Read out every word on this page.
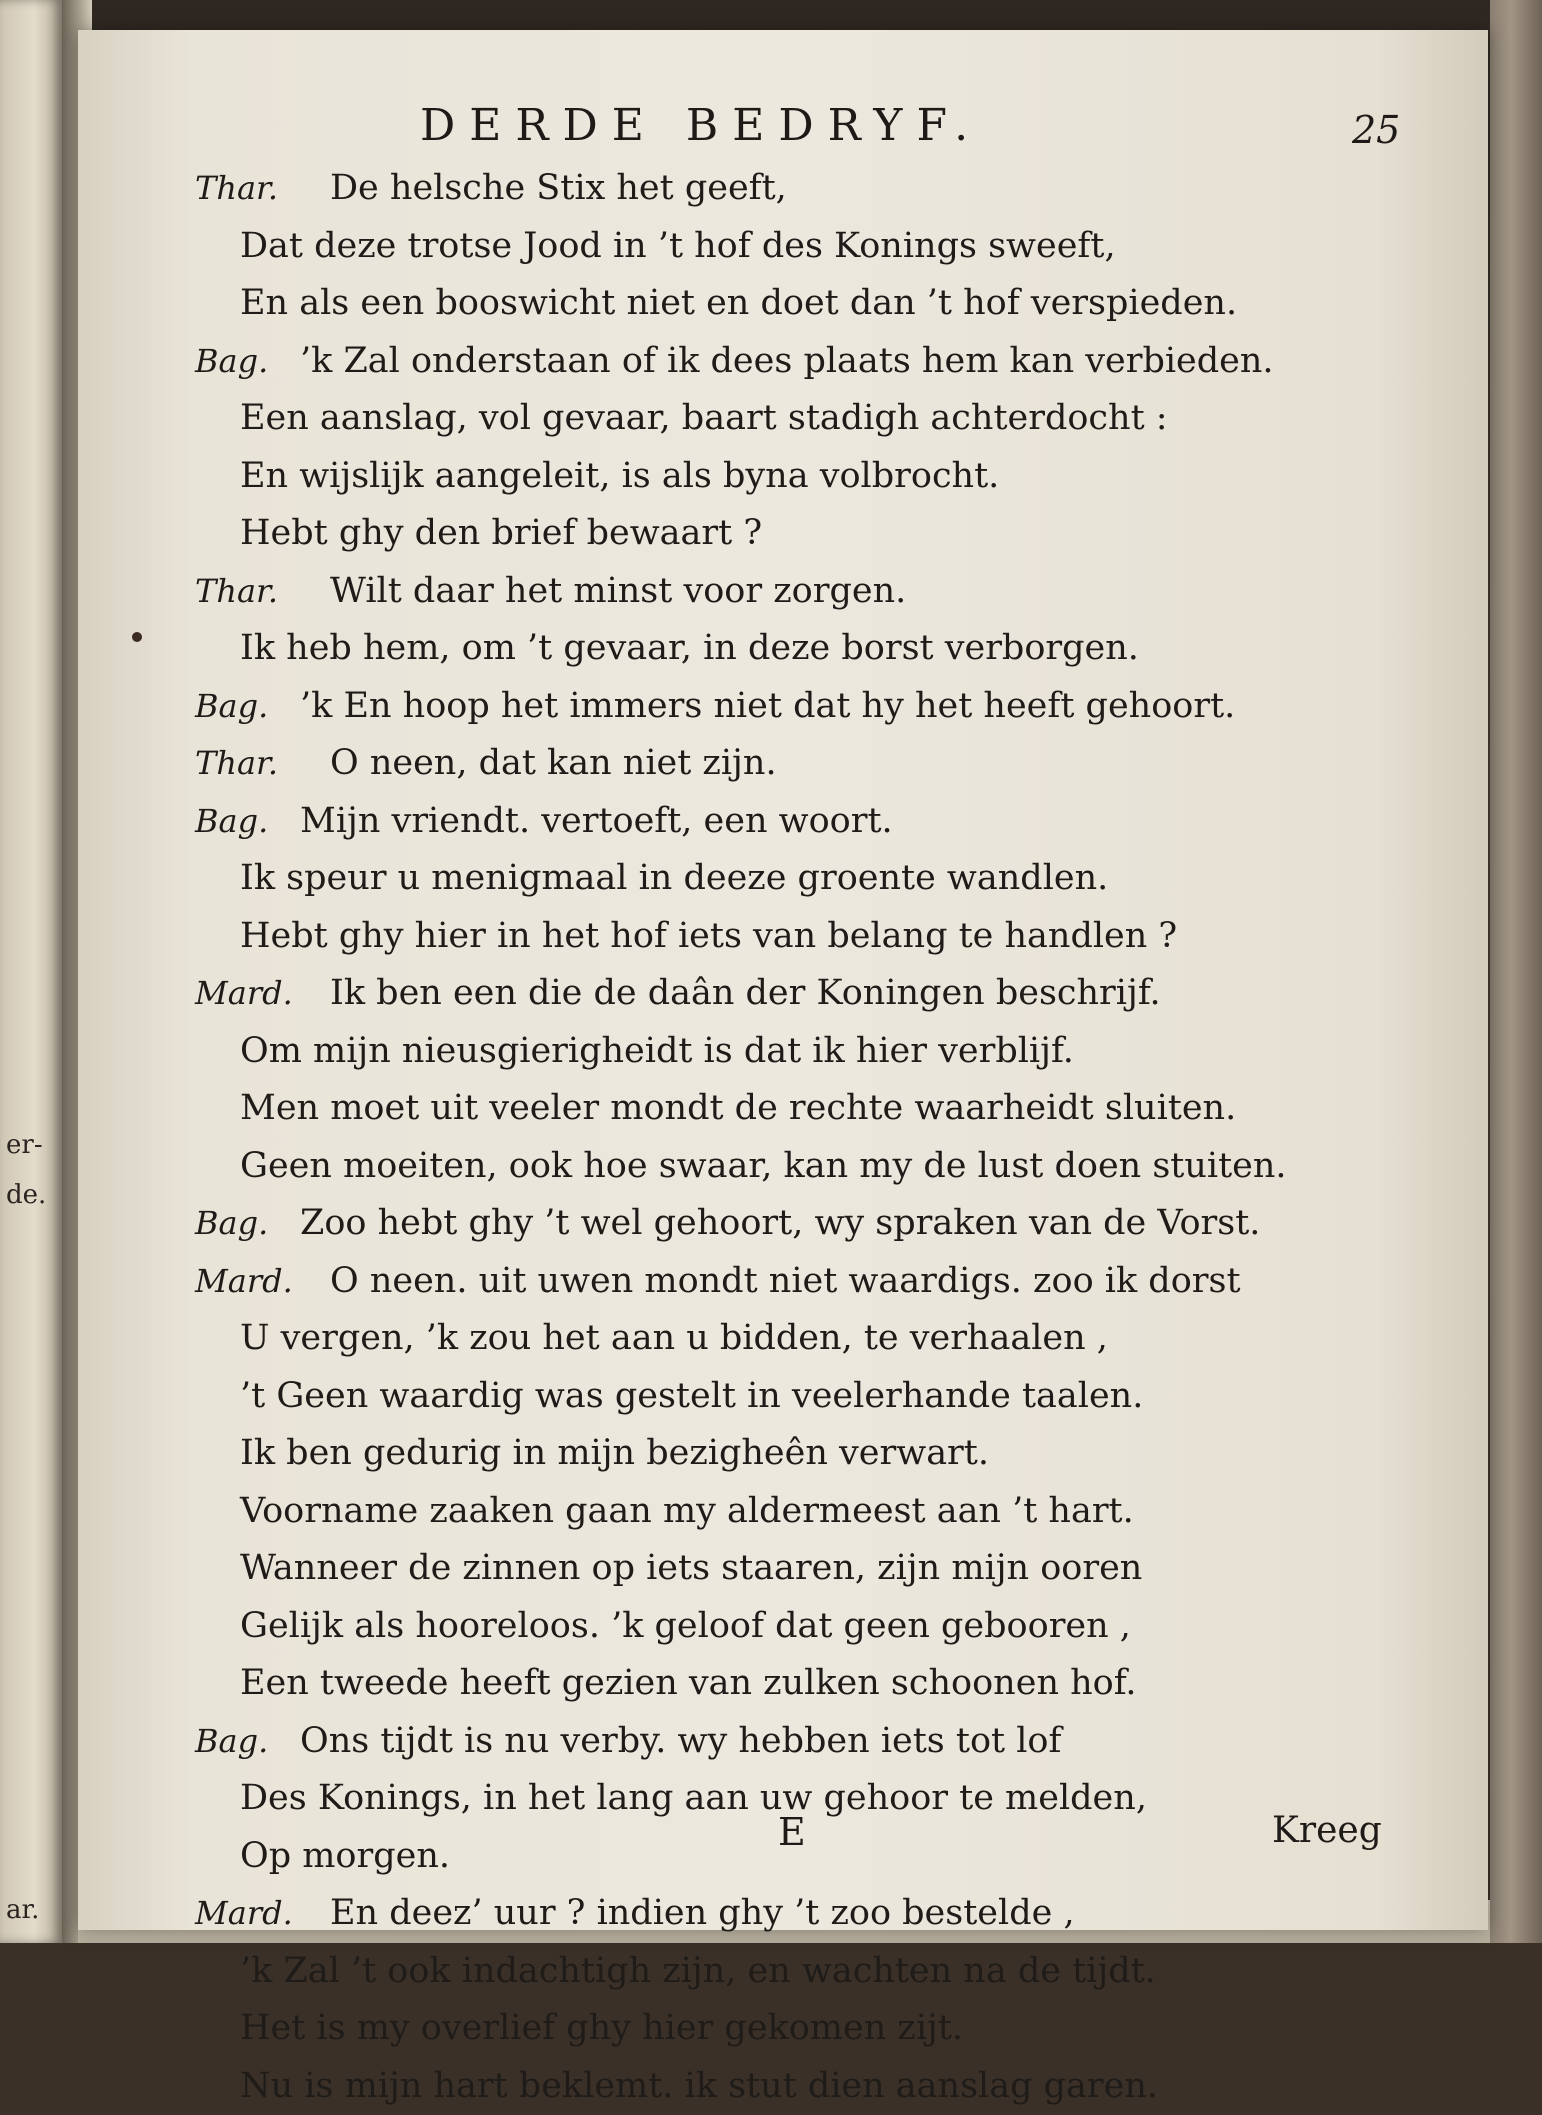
er-
de.
ar.
DERDE BEDRYF.	25
Thar. De helsche Stix het geeft,
Dat deze trotse Jood in ’t hof des Konings sweeft,
En als een booswicht niet en doet dan ’t hof verspieden.
Bag. ’k Zal onderstaan of ik dees plaats hem kan verbieden.
Een aanslag, vol gevaar, baart stadigh achterdocht :
En wijslijk aangeleit, is als byna volbrocht.
Hebt ghy den brief bewaart ?
Thar. Wilt daar het minst voor zorgen.
Ik heb hem, om ’t gevaar, in deze borst verborgen.
Bag. ’k En hoop het immers niet dat hy het heeft gehoort.
Thar. O neen, dat kan niet zijn.
Bag. Mijn vriendt. vertoeft, een woort.
Ik speur u menigmaal in deeze groente wandlen.
Hebt ghy hier in het hof iets van belang te handlen ?
Mard. Ik ben een die de daân der Koningen beschrijf.
Om mijn nieusgierigheidt is dat ik hier verblijf.
Men moet uit veeler mondt de rechte waarheidt sluiten.
Geen moeiten, ook hoe swaar, kan my de lust doen stuiten.
Bag. Zoo hebt ghy ’t wel gehoort, wy spraken van de Vorst.
Mard. O neen. uit uwen mondt niet waardigs. zoo ik dorst
U vergen, ’k zou het aan u bidden, te verhaalen ,
’t Geen waardig was gestelt in veelerhande taalen.
Ik ben gedurig in mijn bezigheên verwart.
Voorname zaaken gaan my aldermeest aan ’t hart.
Wanneer de zinnen op iets staaren, zijn mijn ooren
Gelijk als hooreloos. ’k geloof dat geen gebooren ,
Een tweede heeft gezien van zulken schoonen hof.
Bag. Ons tijdt is nu verby. wy hebben iets tot lof
Des Konings, in het lang aan uw gehoor te melden,
Op morgen.
Mard. En deez’ uur ? indien ghy ’t zoo bestelde ,
’k Zal ’t ook indachtigh zijn, en wachten na de tijdt.
Het is my overlief ghy hier gekomen zijt.
Nu is mijn hart beklemt. ik stut dien aanslag garen.
E	Kreeg
